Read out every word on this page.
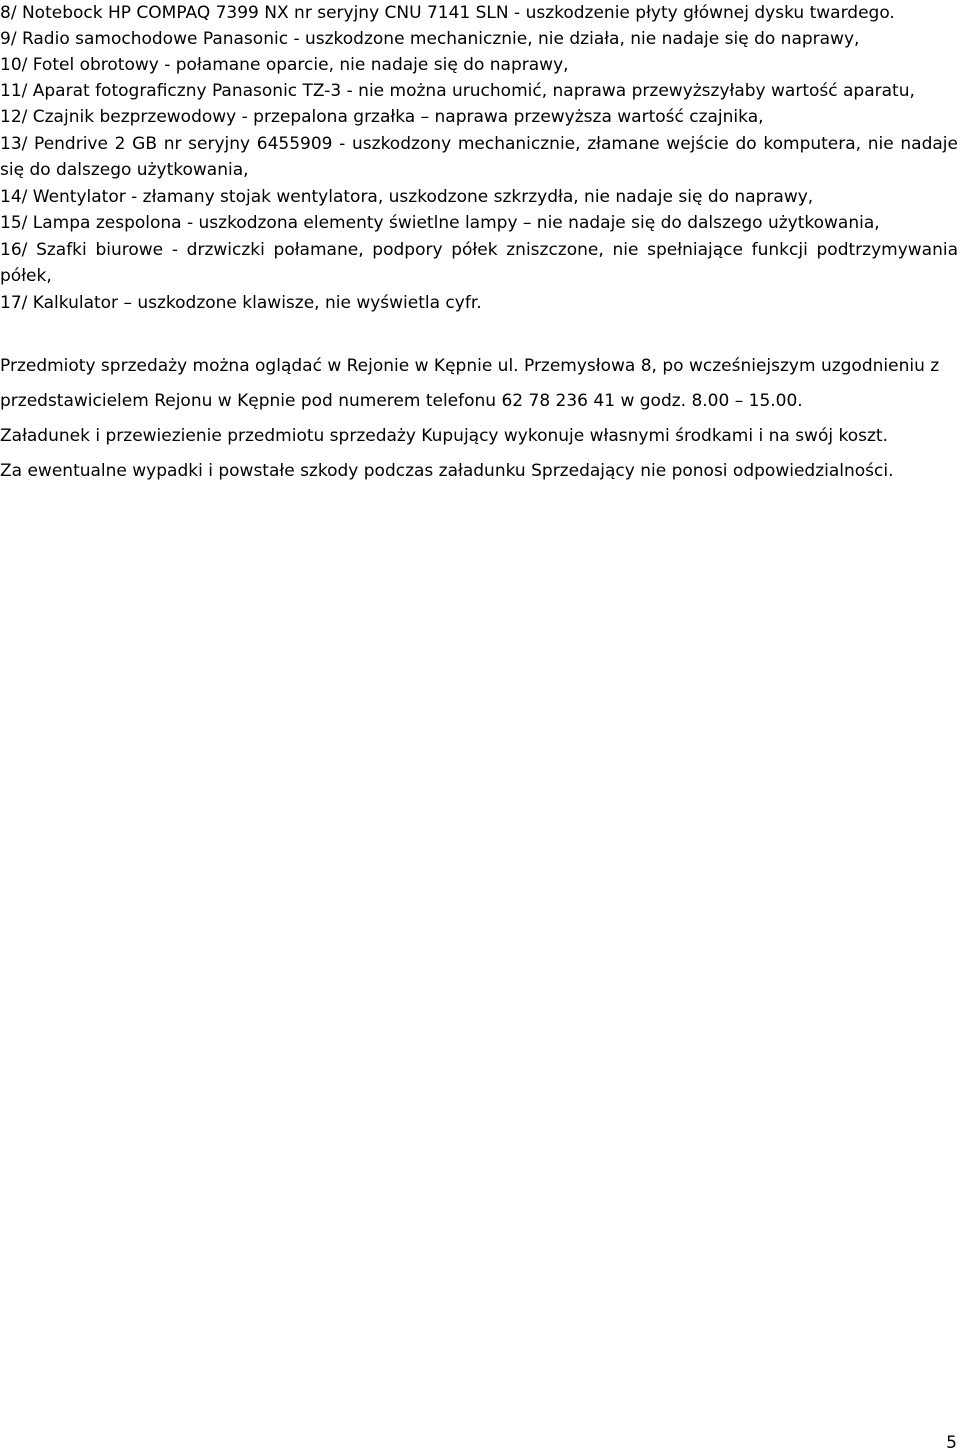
8/ Notebock HP COMPAQ 7399 NX nr seryjny CNU 7141 SLN - uszkodzenie płyty głównej dysku twardego.

9/ Radio samochodowe Panasonic - uszkodzone mechanicznie, nie działa, nie nadaje się do naprawy,

10/ Fotel obrotowy - połamane oparcie, nie nadaje się do naprawy,

11/ Aparat fotograficzny Panasonic TZ-3 - nie można uruchomić, naprawa przewyższyłaby wartość aparatu,

12/ Czajnik bezprzewodowy - przepalona grzałka – naprawa przewyższa wartość czajnika,

13/ Pendrive 2 GB nr seryjny 6455909 - uszkodzony mechanicznie, złamane wejście do komputera, nie nadaje się do dalszego użytkowania,

14/ Wentylator - złamany stojak wentylatora, uszkodzone szkrzydła, nie nadaje się do naprawy,

15/ Lampa zespolona - uszkodzona elementy świetlne lampy – nie nadaje się do dalszego użytkowania,

16/ Szafki biurowe - drzwiczki połamane, podpory półek zniszczone, nie spełniające funkcji podtrzymywania półek,

17/ Kalkulator – uszkodzone klawisze, nie wyświetla cyfr.

Przedmioty sprzedaży można oglądać w Rejonie w Kępnie ul. Przemysłowa 8, po wcześniejszym uzgodnieniu z przedstawicielem Rejonu w Kępnie pod numerem telefonu 62 78 236 41 w godz. 8.00 – 15.00.

Załadunek i przewiezienie przedmiotu sprzedaży Kupujący wykonuje własnymi środkami i na swój koszt.

Za ewentualne wypadki i powstałe szkody podczas załadunku Sprzedający nie ponosi odpowiedzialności.

5
